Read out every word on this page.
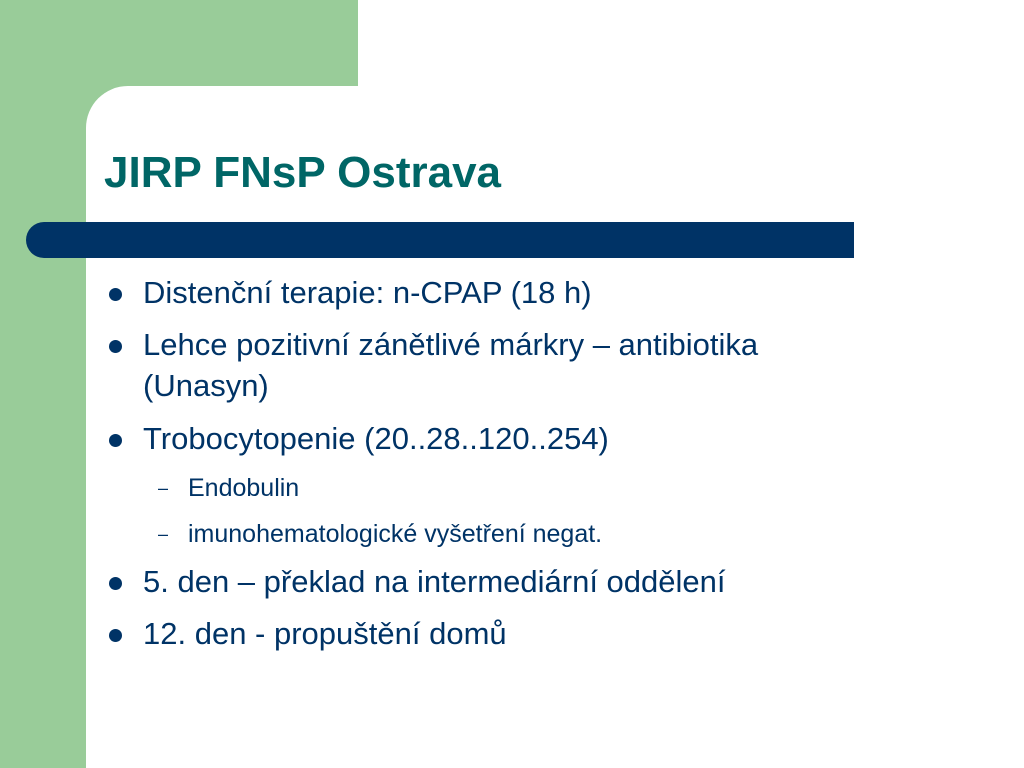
JIRP FNsP Ostrava
Distenční terapie: n-CPAP (18 h)
Lehce pozitivní zánětlivé márkry – antibiotika
(Unasyn)
Trobocytopenie (20..28..120..254)
– Endobulin
– imunohematologické vyšetření negat.
5. den – překlad na intermediární oddělení
12. den - propuštění domů
